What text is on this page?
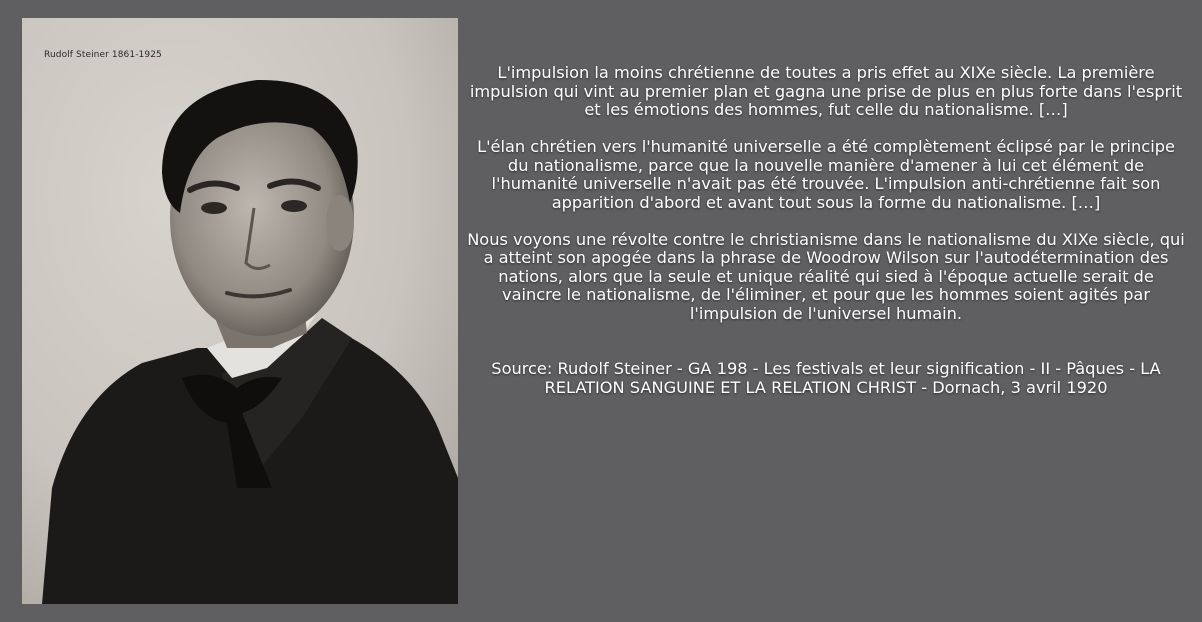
Rudolf Steiner 1861-1925

L'impulsion la moins chrétienne de toutes a pris effet au XIXe siècle. La première impulsion qui vint au premier plan et gagna une prise de plus en plus forte dans l'esprit et les émotions des hommes, fut celle du nationalisme. […]

L'élan chrétien vers l'humanité universelle a été complètement éclipsé par le principe du nationalisme, parce que la nouvelle manière d'amener à lui cet élément de l'humanité universelle n'avait pas été trouvée. L'impulsion anti-chrétienne fait son apparition d'abord et avant tout sous la forme du nationalisme. […]

Nous voyons une révolte contre le christianisme dans le nationalisme du XIXe siècle, qui a atteint son apogée dans la phrase de Woodrow Wilson sur l'autodétermination des nations, alors que la seule et unique réalité qui sied à l'époque actuelle serait de vaincre le nationalisme, de l'éliminer, et pour que les hommes soient agités par l'impulsion de l'universel humain.

Source: Rudolf Steiner - GA 198 - Les festivals et leur signification - II - Pâques - LA RELATION SANGUINE ET LA RELATION CHRIST - Dornach, 3 avril 1920
